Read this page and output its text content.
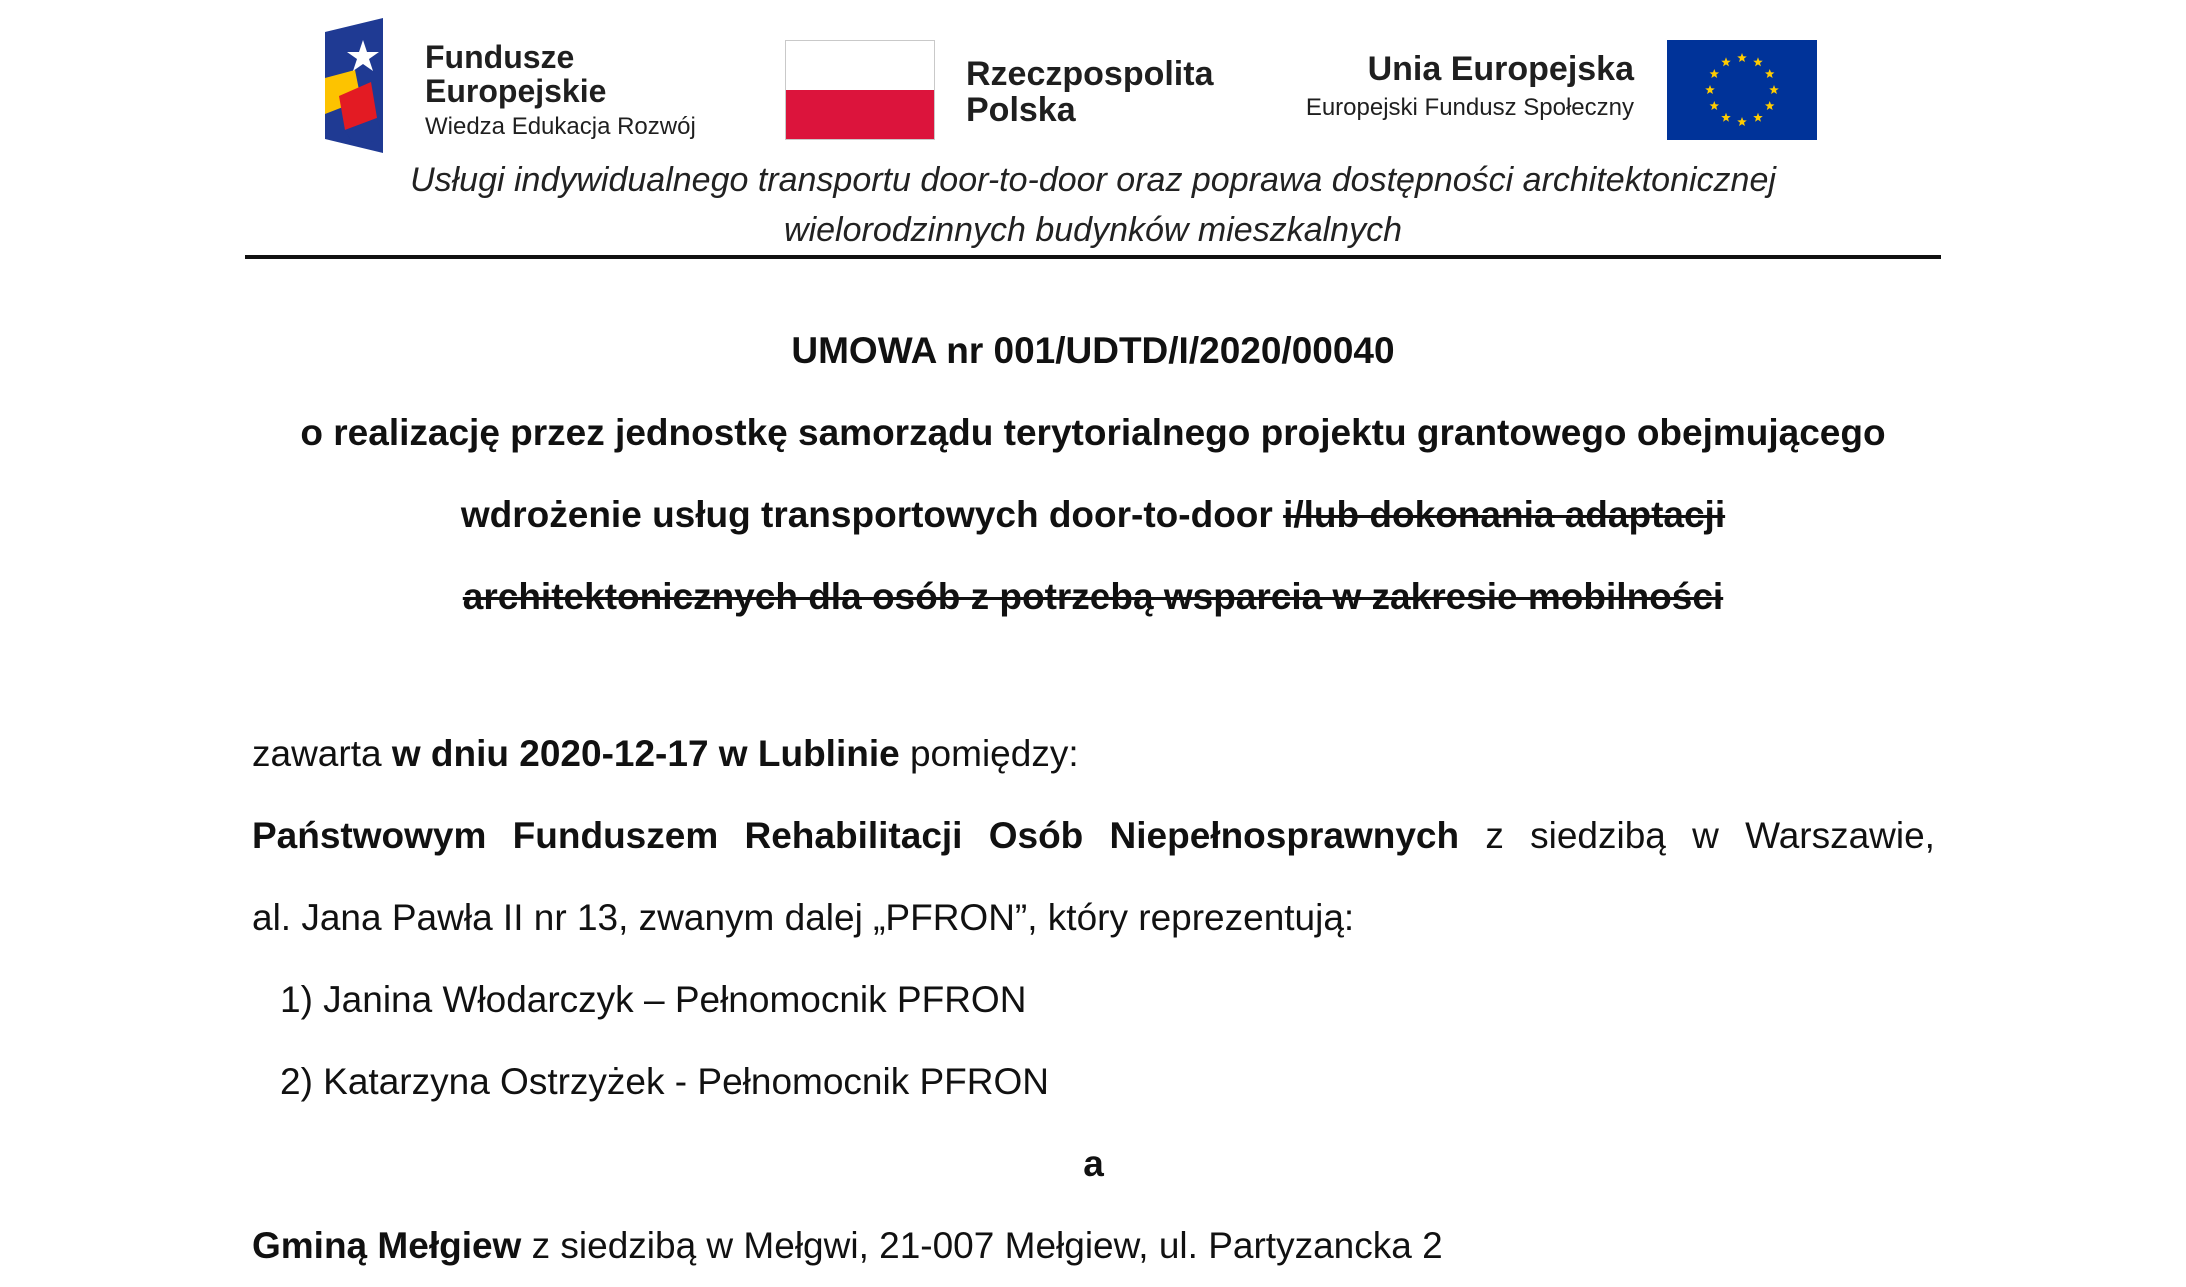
Fundusze
Europejskie
Wiedza Edukacja Rozwój
Rzeczpospolita
Polska
Unia Europejska
Europejski Fundusz Społeczny
Usługi indywidualnego transportu door-to-door oraz poprawa dostępności architektonicznej
wielorodzinnych budynków mieszkalnych

UMOWA nr 001/UDTD/I/2020/00040

o realizację przez jednostkę samorządu terytorialnego projektu grantowego obejmującego

wdrożenie usług transportowych door-to-door i/lub dokonania adaptacji

architektonicznych dla osób z potrzebą wsparcia w zakresie mobilności

zawarta w dniu 2020-12-17 w Lublinie pomiędzy:

Państwowym Funduszem Rehabilitacji Osób Niepełnosprawnych z siedzibą w Warszawie,

al. Jana Pawła II nr 13, zwanym dalej „PFRON”, który reprezentują:

1) Janina Włodarczyk – Pełnomocnik PFRON

2) Katarzyna Ostrzyżek - Pełnomocnik PFRON

a

Gminą Mełgiew z siedzibą w Mełgwi, 21-007 Mełgiew, ul. Partyzancka 2
